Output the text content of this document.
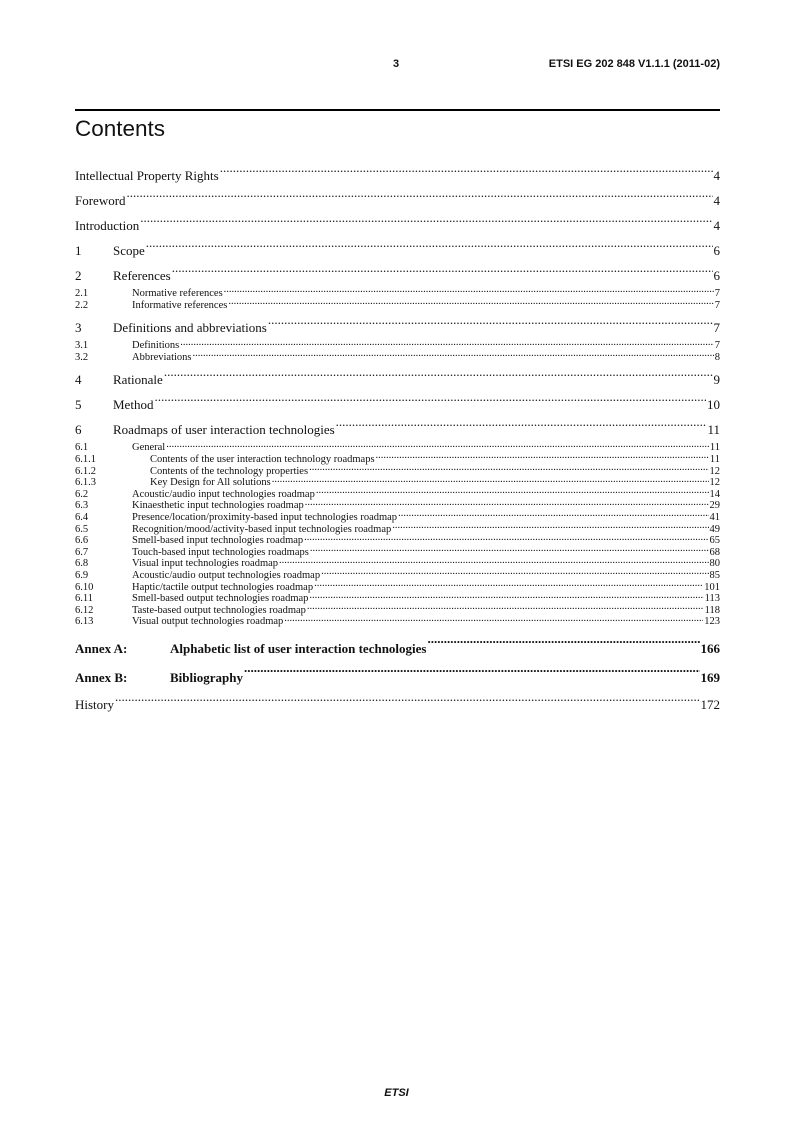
3	ETSI EG 202 848 V1.1.1 (2011-02)
Contents
Intellectual Property Rights .....	4
Foreword .....	4
Introduction .....	4
1	Scope .....	6
2	References .....	6
2.1	Normative references .....	7
2.2	Informative references .....	7
3	Definitions and abbreviations .....	7
3.1	Definitions .....	7
3.2	Abbreviations .....	8
4	Rationale .....	9
5	Method .....	10
6	Roadmaps of user interaction technologies .....	11
6.1	General .....	11
6.1.1	Contents of the user interaction technology roadmaps .....	11
6.1.2	Contents of the technology properties .....	12
6.1.3	Key Design for All solutions .....	12
6.2	Acoustic/audio input technologies roadmap .....	14
6.3	Kinaesthetic input technologies roadmap .....	29
6.4	Presence/location/proximity-based input technologies roadmap .....	41
6.5	Recognition/mood/activity-based input technologies roadmap .....	49
6.6	Smell-based input technologies roadmap .....	65
6.7	Touch-based input technologies roadmaps .....	68
6.8	Visual input technologies roadmap .....	80
6.9	Acoustic/audio output technologies roadmap .....	85
6.10	Haptic/tactile output technologies roadmap .....	101
6.11	Smell-based output technologies roadmap .....	113
6.12	Taste-based output technologies roadmap .....	118
6.13	Visual output technologies roadmap .....	123
Annex A:	Alphabetic list of user interaction technologies .....	166
Annex B:	Bibliography .....	169
History .....	172
ETSI
